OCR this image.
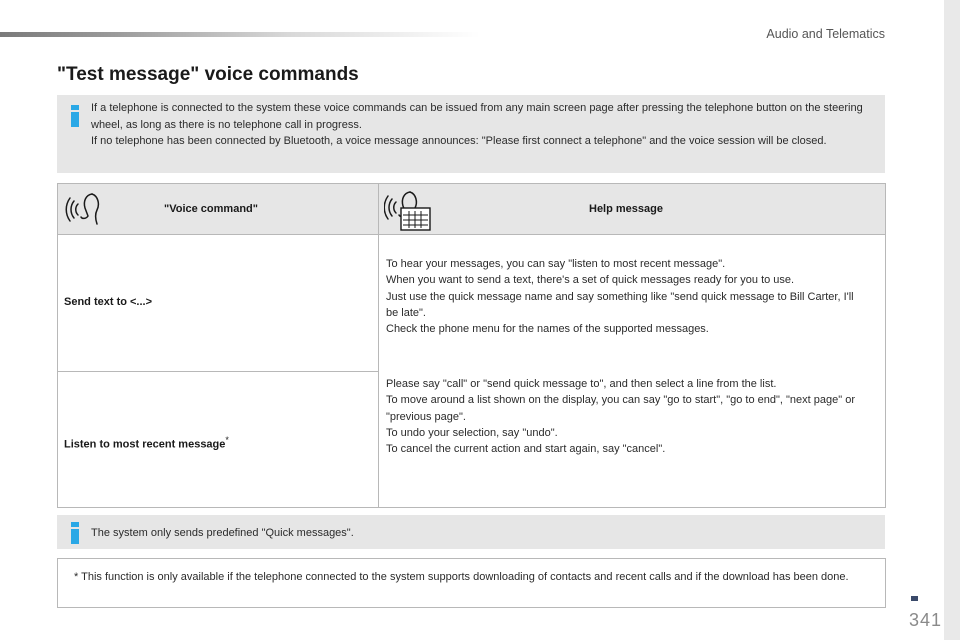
Audio and Telematics
"Test message" voice commands
If a telephone is connected to the system these voice commands can be issued from any main screen page after pressing the telephone button on the steering wheel, as long as there is no telephone call in progress.
If no telephone has been connected by Bluetooth, a voice message announces: "Please first connect a telephone" and the voice session will be closed.
"Voice command"	Help message
Send text to <...>
Listen to most recent message*
To hear your messages, you can say "listen to most recent message".
When you want to send a text, there's a set of quick messages ready for you to use.
Just use the quick message name and say something like "send quick message to Bill Carter, I'll be late".
Check the phone menu for the names of the supported messages.
Please say "call" or "send quick message to", and then select a line from the list.
To move around a list shown on the display, you can say "go to start", "go to end", "next page" or "previous page".
To undo your selection, say "undo".
To cancel the current action and start again, say "cancel".
The system only sends predefined "Quick messages".
* This function is only available if the telephone connected to the system supports downloading of contacts and recent calls and if the download has been done.
341
